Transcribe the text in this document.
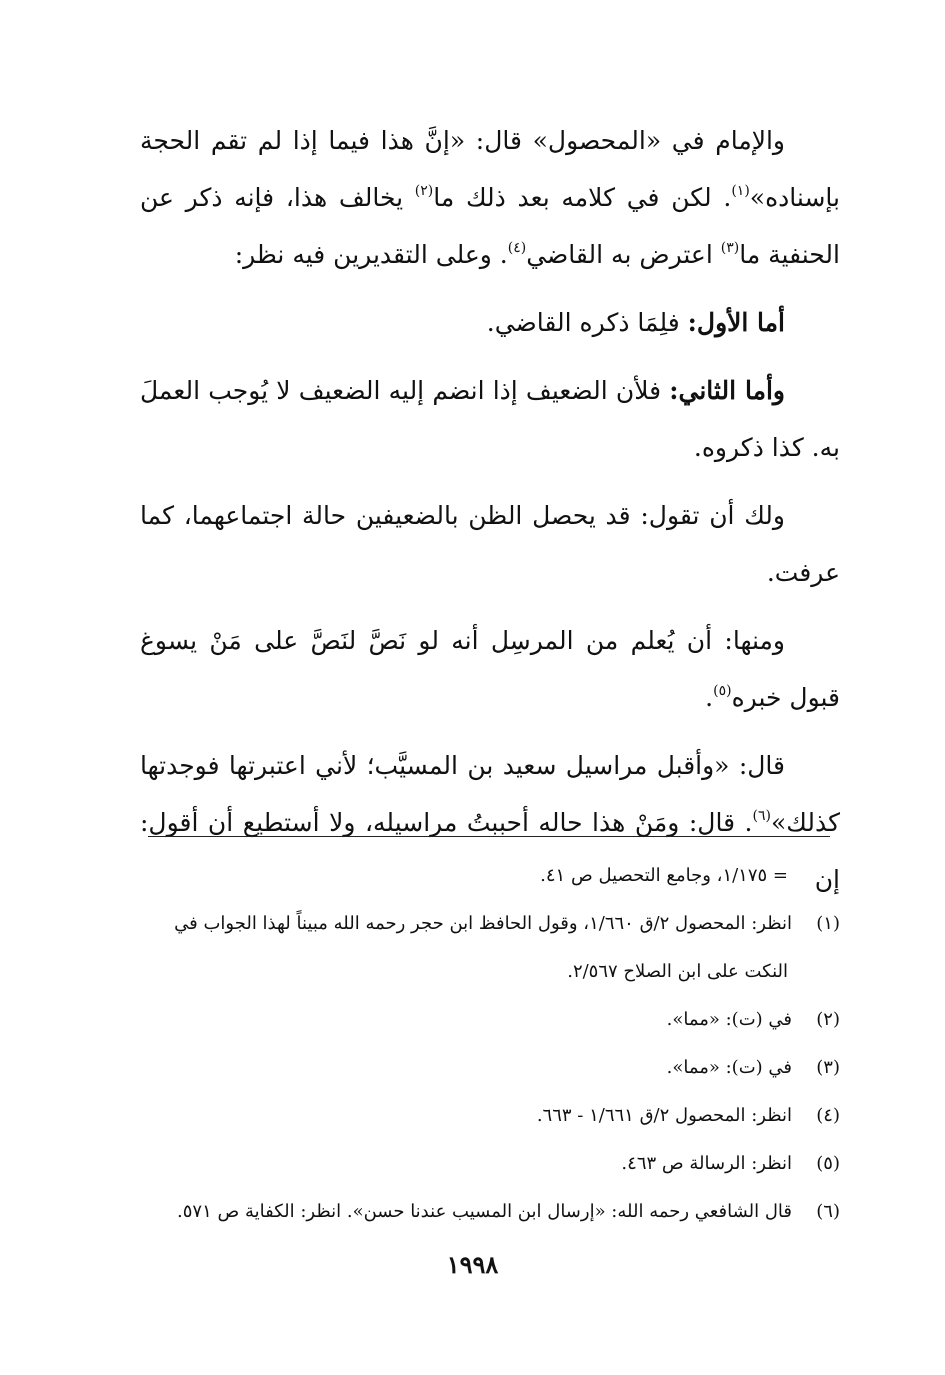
والإمام في «المحصول» قال: «إنَّ هذا فيما إذا لم تقم الحجة بإسناده»$^{(١)}$. لكن في كلامه بعد ذلك ما$^{(٢)}$ يخالف هذا، فإنه ذكر عن الحنفية ما$^{(٣)}$ اعترض به القاضي$^{(٤)}$. وعلى التقديرين فيه نظر:

أما الأول: فلِمَا ذكره القاضي.

وأما الثاني: فلأن الضعيف إذا انضم إليه الضعيف لا يُوجب العملَ به. كذا ذكروه.

ولك أن تقول: قد يحصل الظن بالضعيفين حالة اجتماعهما، كما عرفت.

ومنها: أن يُعلم من المرسِل أنه لو نَصَّ لنَصَّ على مَنْ يسوغ قبول خبره$^{(٥)}$.

قال: «وأقبل مراسيل سعيد بن المسيَّب؛ لأني اعتبرتها فوجدتها كذلك»$^{(٦)}$. قال: ومَنْ هذا حاله أحببتُ مراسيله، ولا أستطيع أن أقول: إن

= ١/١٧٥، وجامع التحصيل ص ٤١.
(١)انظر: المحصول ٢/ق ١/٦٦٠، وقول الحافظ ابن حجر رحمه الله مبيناً لهذا الجواب في
النكت على ابن الصلاح ٢/٥٦٧.
(٢)في (ت): «مما».
(٣)في (ت): «مما».
(٤)انظر: المحصول ٢/ق ١/٦٦١ - ٦٦٣.
(٥)انظر: الرسالة ص ٤٦٣.
(٦)قال الشافعي رحمه الله: «إرسال ابن المسيب عندنا حسن». انظر: الكفاية ص ٥٧١.
١٩٩٨
